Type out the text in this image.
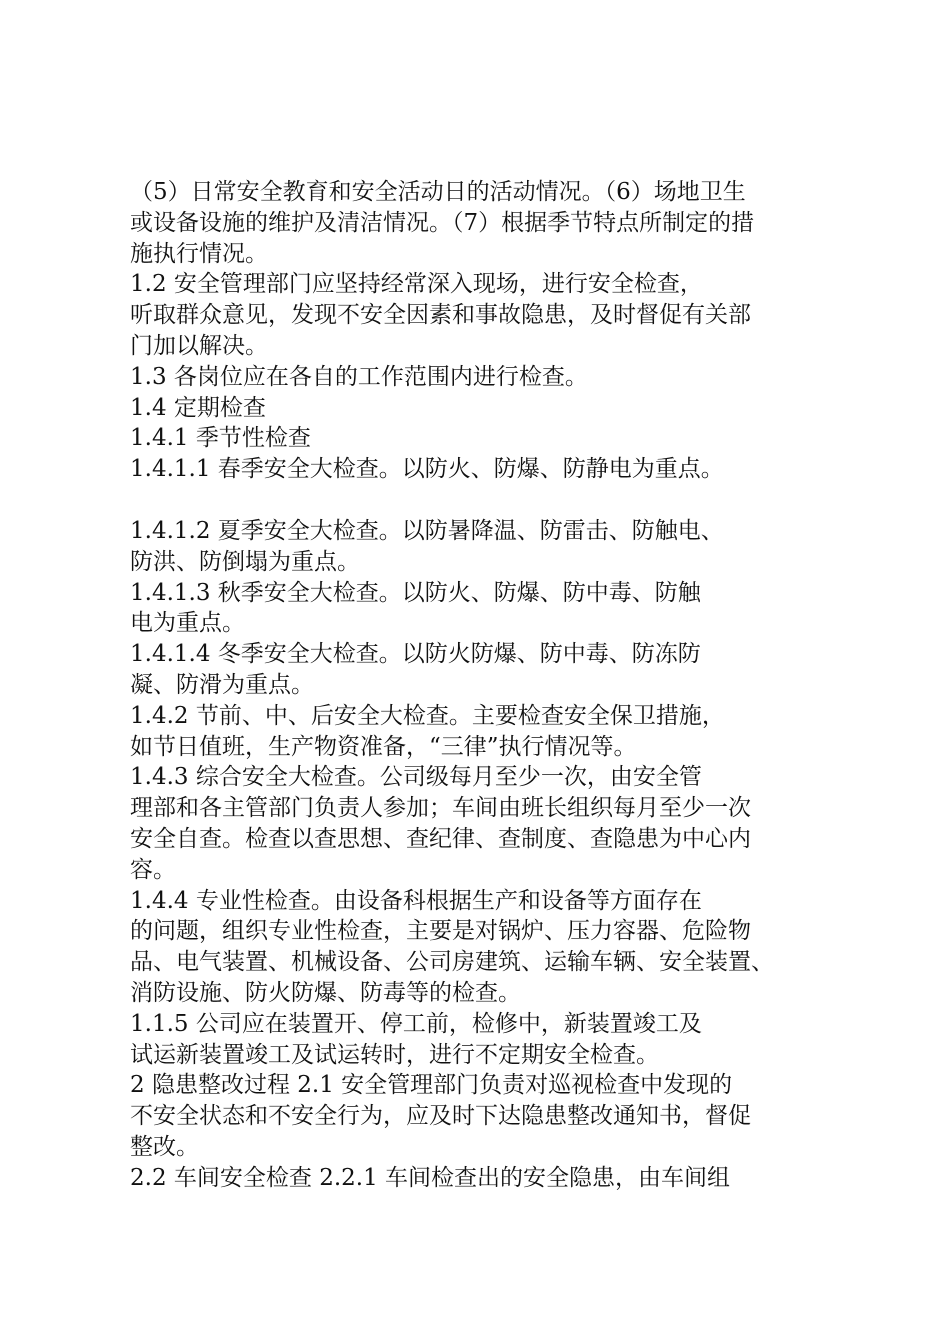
（5）日常安全教育和安全活动日的活动情况。（6）场地卫生
或设备设施的维护及清洁情况。（7）根据季节特点所制定的措
施执行情况。
1.2 安全管理部门应坚持经常深入现场，进行安全检查，
听取群众意见，发现不安全因素和事故隐患，及时督促有关部
门加以解决。
1.3 各岗位应在各自的工作范围内进行检查。
1.4 定期检查
1.4.1 季节性检查
1.4.1.1 春季安全大检查。以防火、防爆、防静电为重点。
1.4.1.2 夏季安全大检查。以防暑降温、防雷击、防触电、
防洪、防倒塌为重点。
1.4.1.3 秋季安全大检查。以防火、防爆、防中毒、防触
电为重点。
1.4.1.4 冬季安全大检查。以防火防爆、防中毒、防冻防
凝、防滑为重点。
1.4.2 节前、中、后安全大检查。主要检查安全保卫措施，
如节日值班，生产物资准备，“三律”执行情况等。
1.4.3 综合安全大检查。公司级每月至少一次，由安全管
理部和各主管部门负责人参加；车间由班长组织每月至少一次
安全自查。检查以查思想、查纪律、查制度、查隐患为中心内
容。
1.4.4 专业性检查。由设备科根据生产和设备等方面存在
的问题，组织专业性检查，主要是对锅炉、压力容器、危险物
品、电气装置、机械设备、公司房建筑、运输车辆、安全装置、
消防设施、防火防爆、防毒等的检查。
1.1.5 公司应在装置开、停工前，检修中，新装置竣工及
试运新装置竣工及试运转时，进行不定期安全检查。
2 隐患整改过程 2.1 安全管理部门负责对巡视检查中发现的
不安全状态和不安全行为，应及时下达隐患整改通知书，督促
整改。
2.2 车间安全检查 2.2.1 车间检查出的安全隐患，由车间组
